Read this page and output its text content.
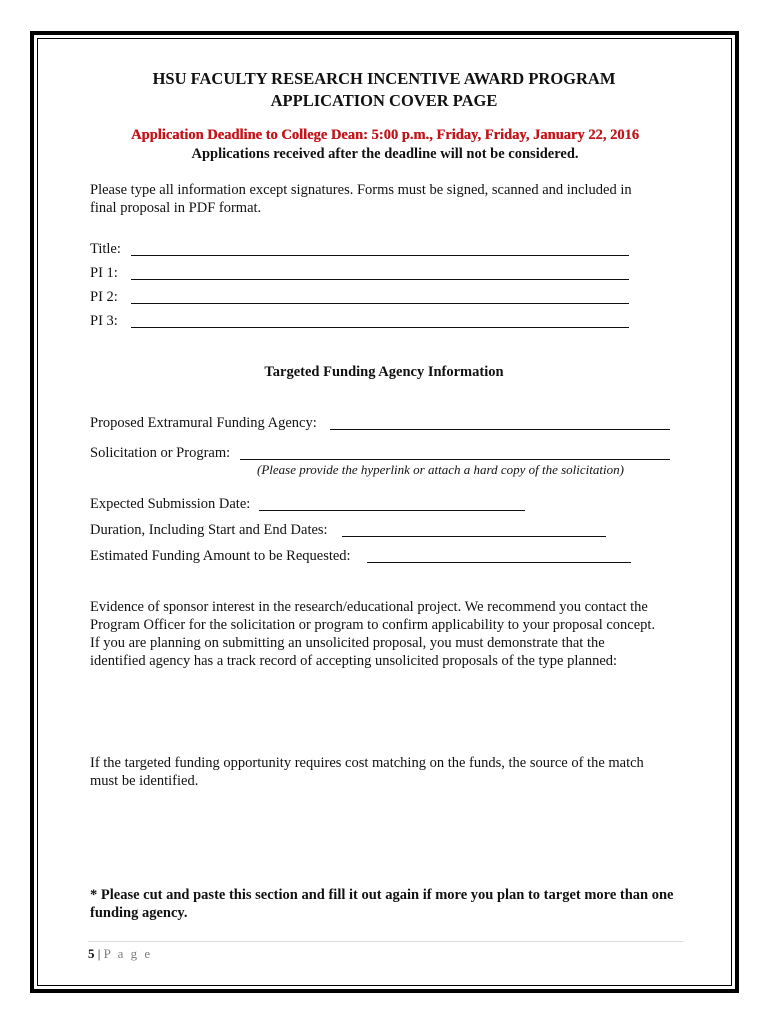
HSU FACULTY RESEARCH INCENTIVE AWARD PROGRAM
APPLICATION COVER PAGE
Application Deadline to College Dean: 5:00 p.m., Friday, Friday, January 22, 2016
Applications received after the deadline will not be considered.
Please type all information except signatures. Forms must be signed, scanned and included in
final proposal in PDF format.
Title:
PI 1:
PI 2:
PI 3:
Targeted Funding Agency Information
Proposed Extramural Funding Agency:
Solicitation or Program:
(Please provide the hyperlink or attach a hard copy of the solicitation)
Expected Submission Date:
Duration, Including Start and End Dates:
Estimated Funding Amount to be Requested:
Evidence of sponsor interest in the research/educational project. We recommend you contact the
Program Officer for the solicitation or program to confirm applicability to your proposal concept.
If you are planning on submitting an unsolicited proposal, you must demonstrate that the
identified agency has a track record of accepting unsolicited proposals of the type planned:
If the targeted funding opportunity requires cost matching on the funds, the source of the match
must be identified.
* Please cut and paste this section and fill it out again if more you plan to target more than one
funding agency.
5 | P a g e
